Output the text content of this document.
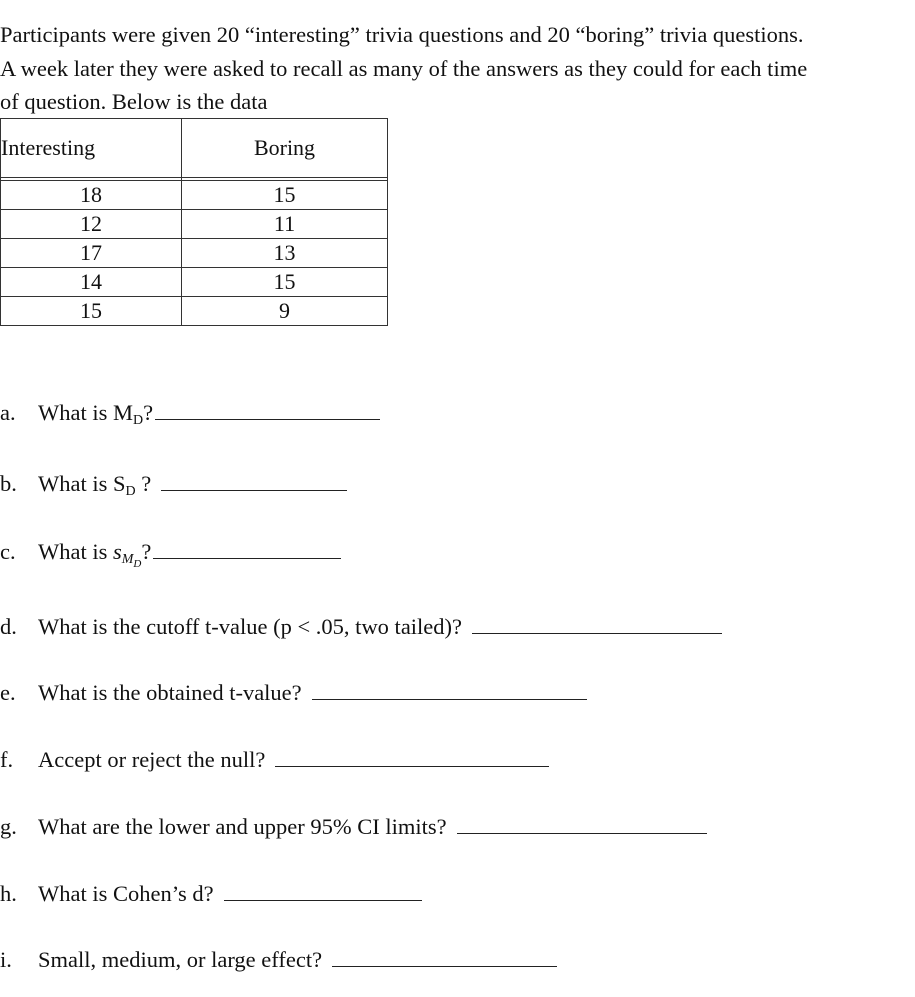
Participants were given 20 “interesting” trivia questions and 20 “boring” trivia questions.
A week later they were asked to recall as many of the answers as they could for each time
of question. Below is the data
Interesting	Boring

18	15
12	11
17	13
14	15
15	9
a. What is $M_D$?
b. What is $S_D$ ?
c. What is $s_{M_D}$?
d. What is the cutoff t-value (p < .05, two tailed)?
e. What is the obtained t-value?
f. Accept or reject the null?
g. What are the lower and upper 95% CI limits?
h. What is Cohen’s d?
i. Small, medium, or large effect?
